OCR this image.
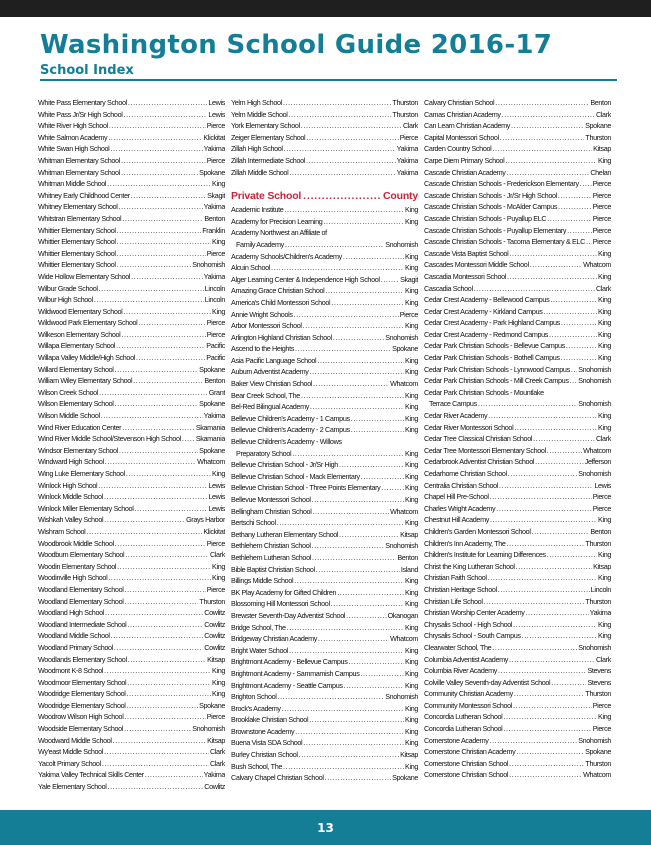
Washington School Guide 2016-17
School Index
White Pass Elementary School .....	Lewis
White Pass Jr/Sr High School .....	Lewis
White River High School .....	Pierce
White Salmon Academy .....	Klickitat
White Swan High School .....	Yakima
Whitman Elementary School .....	Pierce
Whitman Elementary School .....	Spokane
Whitman Middle School .....	King
Whitney Early Childhood Center .....	Skagit
Whitney Elementary School .....	Yakima
Whitstran Elementary School .....	Benton
Whittier Elementary School .....	Franklin
Whittier Elementary School .....	King
Whittier Elementary School .....	Pierce
Whittier Elementary School .....	Snohomish
Wide Hollow Elementary School .....	Yakima
Wilbur Grade School .....	Lincoln
Wilbur High School .....	Lincoln
Wildwood Elementary School .....	King
Wildwood Park Elementary School .....	Pierce
Wilkeson Elementary School .....	Pierce
Willapa Elementary School .....	Pacific
Willapa Valley Middle/High School .....	Pacific
Willard Elementary School .....	Spokane
William Wiley Elementary School .....	Benton
Wilson Creek School .....	Grant
Wilson Elementary School .....	Spokane
Wilson Middle School .....	Yakima
Wind River Education Center .....	Skamania
Wind River Middle School/Stevenson High School ..... Skamania
Windsor Elementary School .....	Spokane
Windward High School .....	Whatcom
Wing Luke Elementary School .....	King
Winlock High School .....	Lewis
Winlock Middle School .....	Lewis
Winlock Miller Elementary School .....	Lewis
Wishkah Valley School .....	Grays Harbor
Wishram School .....	Klickitat
Woodbrook Middle School .....	Pierce
Woodburn Elementary School .....	Clark
Woodin Elementary School .....	King
Woodinville High School .....	King
Woodland Elementary School .....	Pierce
Woodland Elementary School .....	Thurston
Woodland High School .....	Cowlitz
Woodland Intermediate School .....	Cowlitz
Woodland Middle School .....	Cowlitz
Woodland Primary School .....	Cowlitz
Woodlands Elementary School .....	Kitsap
Woodmont K-8 School .....	King
Woodmoor Elementary School .....	King
Woodridge Elementary School .....	King
Woodridge Elementary School .....	Spokane
Woodrow Wilson High School .....	Pierce
Woodside Elementary School .....	Snohomish
Woodward Middle School .....	Kitsap
Wy'east Middle School .....	Clark
Yacolt Primary School .....	Clark
Yakima Valley Technical Skills Center .....	Yakima
Yale Elementary School .....	Cowlitz
Yelm High School .....	Thurston
Yelm Middle School .....	Thurston
York Elementary School .....	Clark
Zeiger Elementary School .....	Pierce
Zillah High School .....	Yakima
Zillah Intermediate School .....	Yakima
Zillah Middle School .....	Yakima
Private School .....	County
Academic Institute .....	King
Academy for Precision Learning .....	King
Academy Northwest an Affiliate of
Family Academy .....	Snohomish
Academy Schools/Children's Academy .....	King
Alcuin School .....	King
Alger Learning Center & Independence High School .....	Skagit
Amazing Grace Christian School .....	King
America's Child Montessori School .....	King
Annie Wright Schools .....	Pierce
Arbor Montessori School .....	King
Arlington Highland Christian School .....	Snohomish
Ascend to the Heights .....	Spokane
Asia Pacific Language School .....	King
Auburn Adventist Academy .....	King
Baker View Christian School .....	Whatcom
Bear Creek School, The .....	King
Bel-Red Bilingual Academy .....	King
Bellevue Children's Academy - 1 Campus .....	King
Bellevue Children's Academy - 2 Campus .....	King
Bellevue Children's Academy - Willows
Preparatory School .....	King
Bellevue Christian School - Jr/Sr High .....	King
Bellevue Christian School - Mack Elementary .....	King
Bellevue Christian School - Three Points Elementary .....	King
Bellevue Montessori School .....	King
Bellingham Christian School .....	Whatcom
Bertschi School .....	King
Bethany Lutheran Elementary School .....	Kitsap
Bethlehem Christian School .....	Snohomish
Bethlehem Lutheran School .....	Benton
Bible Baptist Christian School .....	Island
Billings Middle School .....	King
BK Play Academy for Gifted Children .....	King
Blossoming Hill Montessori School .....	King
Brewster Seventh-Day Adventist School .....	Okanogan
Bridge School, The .....	King
Bridgeway Christian Academy .....	Whatcom
Bright Water School .....	King
Brightmont Academy - Bellevue Campus .....	King
Brightmont Academy - Sammamish Campus .....	King
Brightmont Academy - Seattle Campus .....	King
Brighton School .....	Snohomish
Brock's Academy .....	King
Brooklake Christian School .....	King
Brownstone Academy .....	King
Buena Vista SDA School .....	King
Burley Christian School .....	Kitsap
Bush School, The .....	King
Calvary Chapel Christian School .....	Spokane
Calvary Christian School .....	Benton
Camas Christian Academy .....	Clark
Can Learn Christian Academy .....	Spokane
Capital Montessori School .....	Thurston
Carden Country School .....	Kitsap
Carpe Diem Primary School .....	King
Cascade Christian Academy .....	Chelan
Cascade Christian Schools - Frederickson Elementary ..... Pierce
Cascade Christian Schools - Jr/Sr High School .....	Pierce
Cascade Christian Schools - McAlder Campus .....	Pierce
Cascade Christian Schools - Puyallup ELC .....	Pierce
Cascade Christian Schools - Puyallup Elementary .....	Pierce
Cascade Christian Schools - Tacoma Elementary & ELC ..... Pierce
Cascade Vista Baptist School .....	King
Cascades Montessori Middle School .....	Whatcom
Cascadia Montessori School .....	King
Cascadia School .....	Clark
Cedar Crest Academy - Bellewood Campus .....	King
Cedar Crest Academy - Kirkland Campus .....	King
Cedar Crest Academy - Park Highland Campus .....	King
Cedar Crest Academy - Redmond Campus .....	King
Cedar Park Christian Schools - Bellevue Campus .....	King
Cedar Park Christian Schools - Bothell Campus .....	King
Cedar Park Christian Schools - Lynnwood Campus ..... Snohomish
Cedar Park Christian Schools - Mill Creek Campus ..... Snohomish
Cedar Park Christian Schools - Mountlake
Terrace Campus .....	Snohomish
Cedar River Academy .....	King
Cedar River Montessori School .....	King
Cedar Tree Classical Christian School .....	Clark
Cedar Tree Montessori Elementary School .....	Whatcom
Cedarbrook Adventist Christian School .....	Jefferson
Cedarhome Christian School .....	Snohomish
Centralia Christian School .....	Lewis
Chapel Hill Pre-School .....	Pierce
Charles Wright Academy .....	Pierce
Chestnut Hill Academy .....	King
Children's Garden Montessori School .....	Benton
Children's Inn Academy, The .....	Thurston
Children's Institute for Learning Differences .....	King
Christ the King Lutheran School .....	Kitsap
Christian Faith School .....	King
Christian Heritage School .....	Lincoln
Christian Life School .....	Thurston
Christian Worship Center Academy .....	Yakima
Chrysalis School - High School .....	King
Chrysalis School - South Campus .....	King
Clearwater School, The .....	Snohomish
Columbia Adventist Academy .....	Clark
Columbia River Academy .....	Stevens
Colville Valley Seventh-day Adventist School .....	Stevens
Community Christian Academy .....	Thurston
Community Montessori School .....	Pierce
Concordia Lutheran School .....	King
Concordia Lutheran School .....	Pierce
Cornerstone Academy .....	Snohomish
Cornerstone Christian Academy .....	Spokane
Cornerstone Christian School .....	Thurston
Cornerstone Christian School .....	Whatcom
13
